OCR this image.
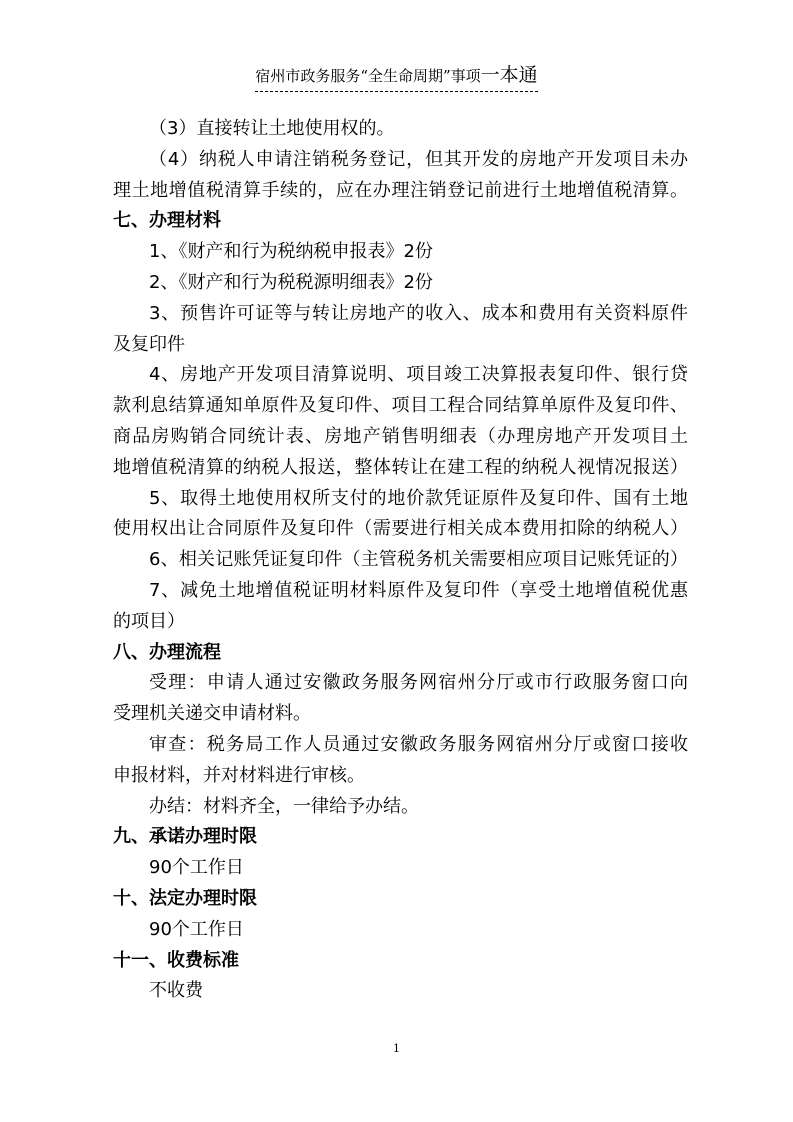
宿州市政务服务“全生命周期”事项一本通
（3）直接转让土地使用权的。
（4）纳税人申请注销税务登记，但其开发的房地产开发项目未办
理土地增值税清算手续的，应在办理注销登记前进行土地增值税清算。
七、办理材料
1、《财产和行为税纳税申报表》2份
2、《财产和行为税税源明细表》2份
3、预售许可证等与转让房地产的收入、成本和费用有关资料原件
及复印件
4、房地产开发项目清算说明、项目竣工决算报表复印件、银行贷
款利息结算通知单原件及复印件、项目工程合同结算单原件及复印件、
商品房购销合同统计表、房地产销售明细表（办理房地产开发项目土
地增值税清算的纳税人报送，整体转让在建工程的纳税人视情况报送）
5、取得土地使用权所支付的地价款凭证原件及复印件、国有土地
使用权出让合同原件及复印件（需要进行相关成本费用扣除的纳税人）
6、相关记账凭证复印件（主管税务机关需要相应项目记账凭证的）
7、减免土地增值税证明材料原件及复印件（享受土地增值税优惠
的项目）
八、办理流程
受理：申请人通过安徽政务服务网宿州分厅或市行政服务窗口向
受理机关递交申请材料。
审查：税务局工作人员通过安徽政务服务网宿州分厅或窗口接收
申报材料，并对材料进行审核。
办结：材料齐全，一律给予办结。
九、承诺办理时限
90个工作日
十、法定办理时限
90个工作日
十一、收费标准
不收费
1
